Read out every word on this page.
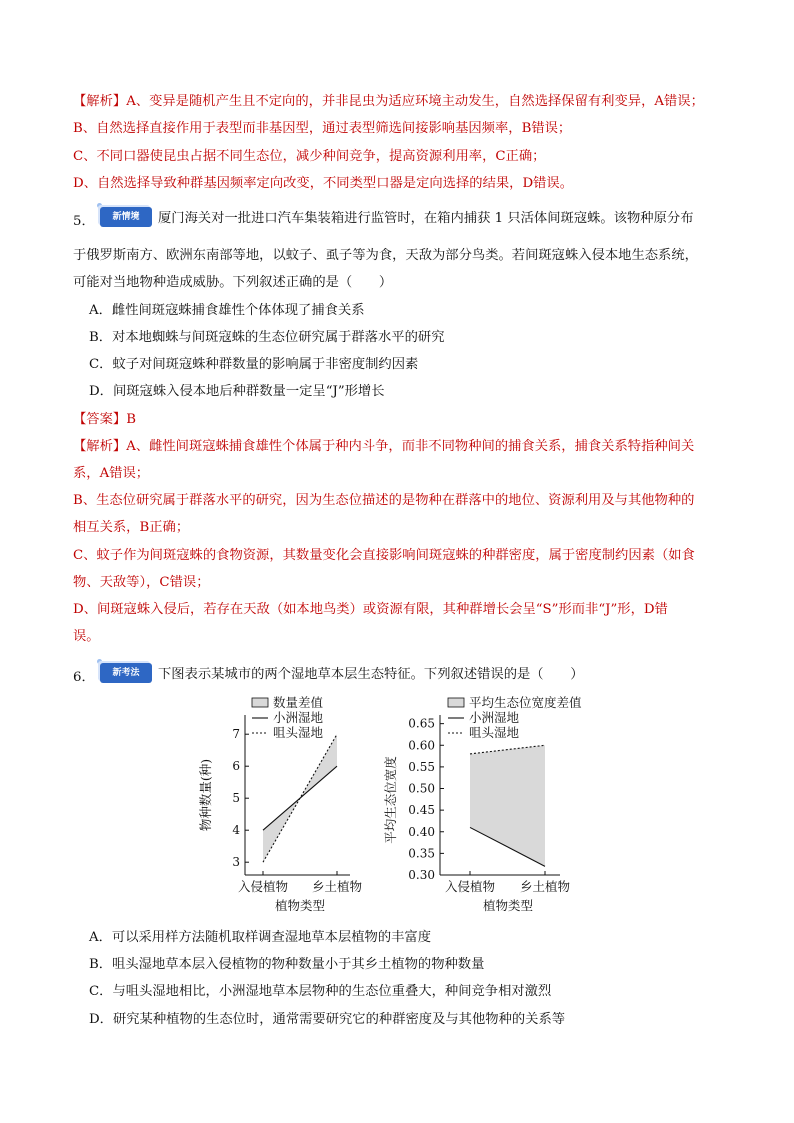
【解析】A、变异是随机产生且不定向的，并非昆虫为适应环境主动发生，自然选择保留有利变异，A错误；
B、自然选择直接作用于表型而非基因型，通过表型筛选间接影响基因频率，B错误；
C、不同口器使昆虫占据不同生态位，减少种间竞争，提高资源利用率，C正确；
D、自然选择导致种群基因频率定向改变，不同类型口器是定向选择的结果，D错误。
5．	新情境	厦门海关对一批进口汽车集装箱进行监管时，在箱内捕获 1 只活体间斑寇蛛。该物种原分布
于俄罗斯南方、欧洲东南部等地，以蚊子、虱子等为食，天敌为部分鸟类。若间斑寇蛛入侵本地生态系统，
可能对当地物种造成威胁。下列叙述正确的是（　　）
A．雌性间斑寇蛛捕食雄性个体体现了捕食关系
B．对本地蜘蛛与间斑寇蛛的生态位研究属于群落水平的研究
C．蚊子对间斑寇蛛种群数量的影响属于非密度制约因素
D．间斑寇蛛入侵本地后种群数量一定呈“J”形增长
【答案】B
【解析】A、雌性间斑寇蛛捕食雄性个体属于种内斗争，而非不同物种间的捕食关系，捕食关系特指种间关
系，A错误；
B、生态位研究属于群落水平的研究，因为生态位描述的是物种在群落中的地位、资源利用及与其他物种的
相互关系，B正确；
C、蚊子作为间斑寇蛛的食物资源，其数量变化会直接影响间斑寇蛛的种群密度，属于密度制约因素（如食
物、天敌等），C错误；
D、间斑寇蛛入侵后，若存在天敌（如本地鸟类）或资源有限，其种群增长会呈“S”形而非“J”形，D错
误。
6．	新考法	下图表示某城市的两个湿地草本层生态特征。下列叙述错误的是（　　）
3
4
5
6
7
入侵植物 乡土植物
植物类型
物种数量(种)
数量差值
小洲湿地
咀头湿地
0.30
0.35
0.40
0.45
0.50
0.55
0.60
0.65
入侵植物 乡土植物
植物类型
平均生态位宽度
平均生态位宽度差值
小洲湿地
咀头湿地
A．可以采用样方法随机取样调查湿地草本层植物的丰富度
B．咀头湿地草本层入侵植物的物种数量小于其乡土植物的物种数量
C．与咀头湿地相比，小洲湿地草本层物种的生态位重叠大，种间竞争相对激烈
D．研究某种植物的生态位时，通常需要研究它的种群密度及与其他物种的关系等
